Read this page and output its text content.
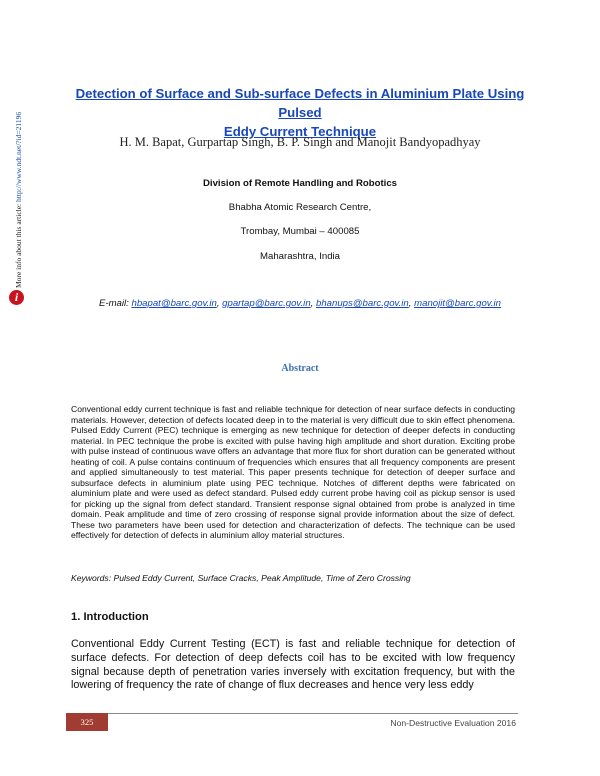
More info about this article: http://www.ndt.net/?id=21196
i
Detection of Surface and Sub-surface Defects in Aluminium Plate Using Pulsed
Eddy Current Technique
H. M. Bapat, Gurpartap Singh, B. P. Singh and Manojit Bandyopadhyay
Division of Remote Handling and Robotics
Bhabha Atomic Research Centre,
Trombay, Mumbai – 400085
Maharashtra, India
E-mail: hbapat@barc.gov.in, gpartap@barc.gov.in, bhanups@barc.gov.in, manojit@barc.gov.in
Abstract

Conventional eddy current technique is fast and reliable technique for detection of near surface defects in conducting materials. However, detection of defects located deep in to the material is very difficult due to skin effect phenomena. Pulsed Eddy Current (PEC) technique is emerging as new technique for detection of deeper defects in conducting material. In PEC technique the probe is excited with pulse having high amplitude and short duration. Exciting probe with pulse instead of continuous wave offers an advantage that more flux for short duration can be generated without heating of coil. A pulse contains continuum of frequencies which ensures that all frequency components are present and applied simultaneously to test material. This paper presents technique for detection of deeper surface and subsurface defects in aluminium plate using PEC technique. Notches of different depths were fabricated on aluminium plate and were used as defect standard. Pulsed eddy current probe having coil as pickup sensor is used for picking up the signal from defect standard. Transient response signal obtained from probe is analyzed in time domain. Peak amplitude and time of zero crossing of response signal provide information about the size of defect. These two parameters have been used for detection and characterization of defects. The technique can be used effectively for detection of defects in aluminium alloy material structures.

Keywords: Pulsed Eddy Current, Surface Cracks, Peak Amplitude, Time of Zero Crossing
1. Introduction

Conventional Eddy Current Testing (ECT) is fast and reliable technique for detection of surface defects. For detection of deep defects coil has to be excited with low frequency signal because depth of penetration varies inversely with excitation frequency, but with the lowering of frequency the rate of change of flux decreases and hence very less eddy

325	Non-Destructive Evaluation 2016
